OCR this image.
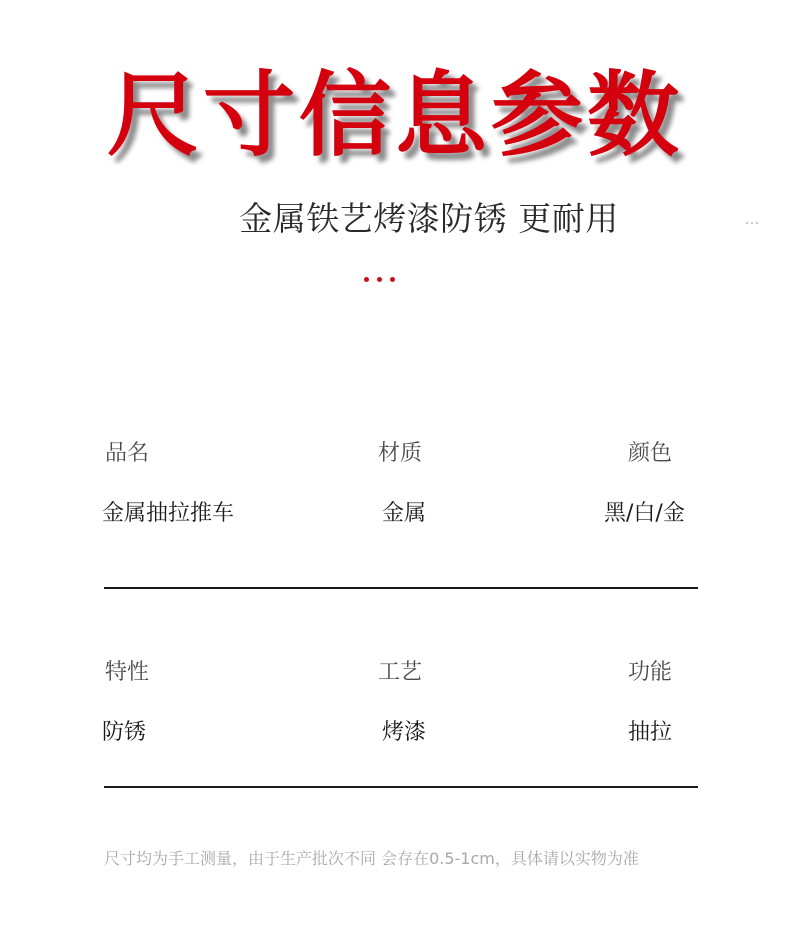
尺寸信息参数
金属铁艺烤漆防锈 更耐用
品名	材质	颜色
金属抽拉推车	金属	黑/白/金
特性	工艺	功能
防锈	烤漆	抽拉
尺寸均为手工测量，由于生产批次不同 会存在0.5-1cm，具体请以实物为准
